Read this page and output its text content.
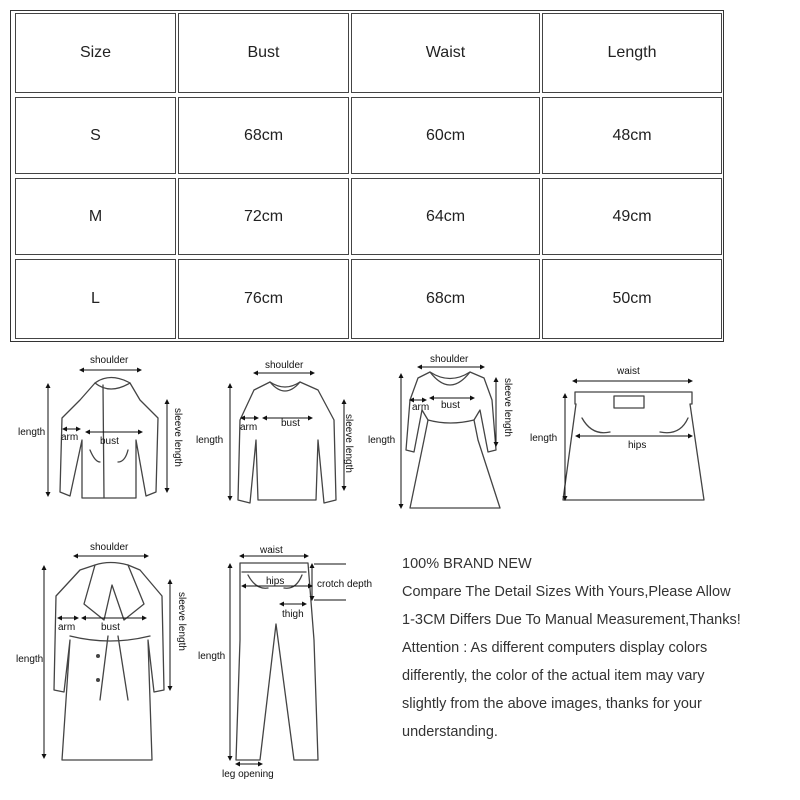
Size	Bust	Waist	Length
S	68cm	60cm	48cm
M	72cm	64cm	49cm
L	76cm	68cm	50cm
shoulder
length arm bust	sleeve length
shoulder
length
arm bust	sleeve length
shoulder
length
arm bust	sleeve length
waist
length
hips
shoulder
length
arm	bust	sleeve length
waist
hips	crotch depth
thigh
length
leg opening
100% BRAND NEW
Compare The Detail Sizes With Yours,Please Allow
1-3CM Differs Due To Manual Measurement,Thanks!
Attention : As different computers display colors
differently, the color of the actual item may vary
slightly from the above images, thanks for your
understanding.
